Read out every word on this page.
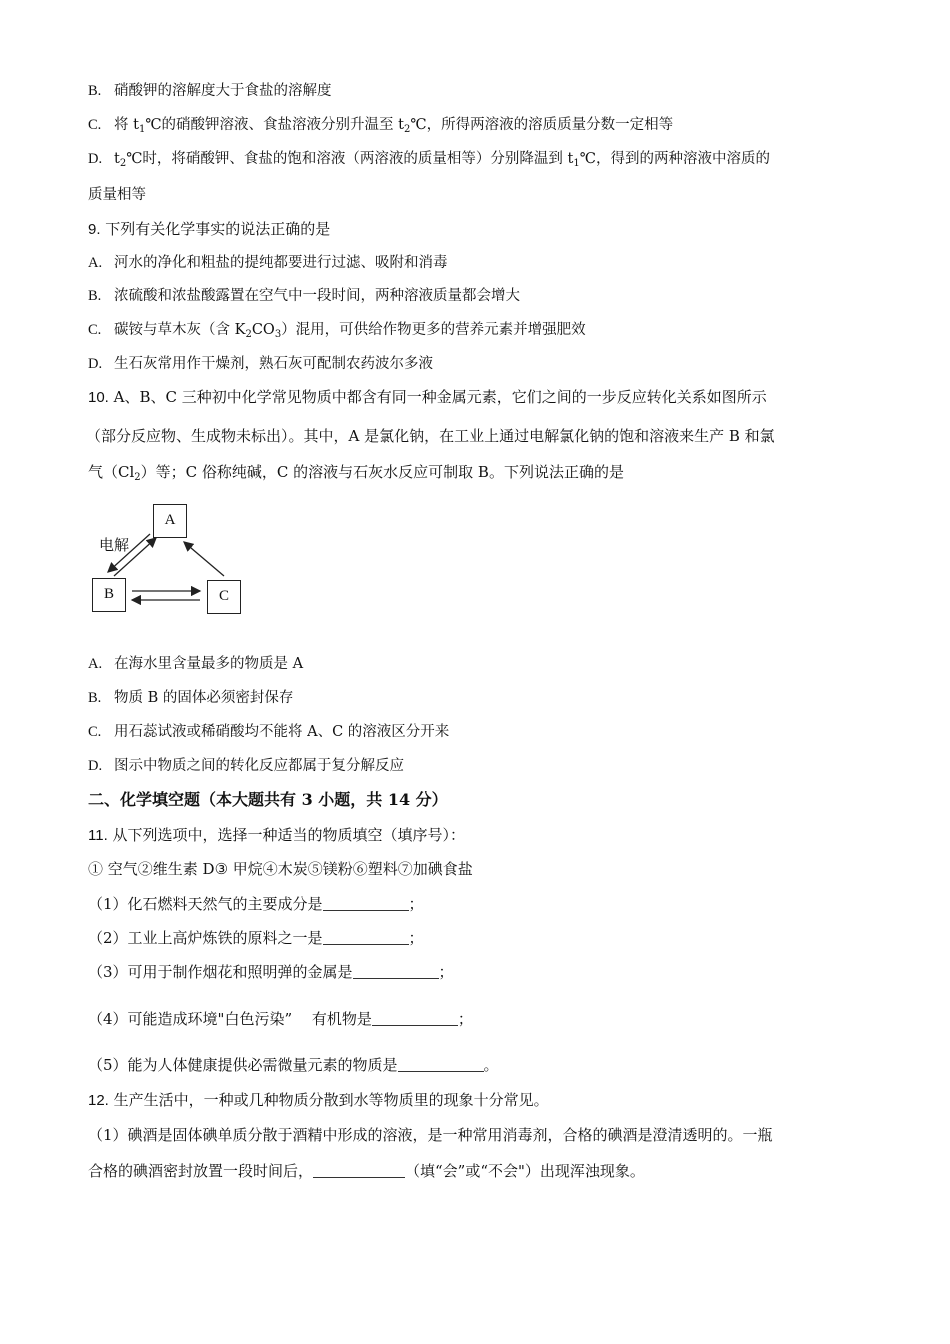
B. 硝酸钾的溶解度大于食盐的溶解度
C. 将 $t_1℃$的硝酸钾溶液、食盐溶液分别升温至 $t_2℃$，所得两溶液的溶质质量分数一定相等
D. $t_2℃$时，将硝酸钾、食盐的饱和溶液（两溶液的质量相等）分别降温到 $t_1℃$，得到的两种溶液中溶质的
质量相等
9. 下列有关化学事实的说法正确的是
A. 河水的净化和粗盐的提纯都要进行过滤、吸附和消毒
B. 浓硫酸和浓盐酸露置在空气中一段时间，两种溶液质量都会增大
C. 碳铵与草木灰（含 $K_2CO_3$）混用，可供给作物更多的营养元素并增强肥效
D. 生石灰常用作干燥剂，熟石灰可配制农药波尔多液
10. A、B、C 三种初中化学常见物质中都含有同一种金属元素，它们之间的一步反应转化关系如图所示
（部分反应物、生成物未标出）。其中，A 是氯化钠，在工业上通过电解氯化钠的饱和溶液来生产 B 和氯
气$(Cl_2)$等；C 俗称纯碱，C 的溶液与石灰水反应可制取 B。下列说法正确的是
A
B	C
电解
A. 在海水里含量最多的物质是 A
B. 物质 B 的固体必须密封保存
C. 用石蕊试液或稀硝酸均不能将 A、C 的溶液区分开来
D. 图示中物质之间的转化反应都属于复分解反应
二、化学填空题（本大题共有 3 小题，共 14 分）
11. 从下列选项中，选择一种适当的物质填空（填序号）：
① 空气②维生素 D③ 甲烷④木炭⑤镁粉⑥塑料⑦加碘食盐
（1）化石燃料天然气的主要成分是	；
（2）工业上高炉炼铁的原料之一是	；
（3）可用于制作烟花和照明弹的金属是	；
（4）可能造成环境"白色污染”　 有机物是	；
（5）能为人体健康提供必需微量元素的物质是	。
12. 生产生活中，一种或几种物质分散到水等物质里的现象十分常见。
（1）碘酒是固体碘单质分散于酒精中形成的溶液，是一种常用消毒剂，合格的碘酒是澄清透明的。一瓶
合格的碘酒密封放置一段时间后，	（填“会”或“不会"）出现浑浊现象。
